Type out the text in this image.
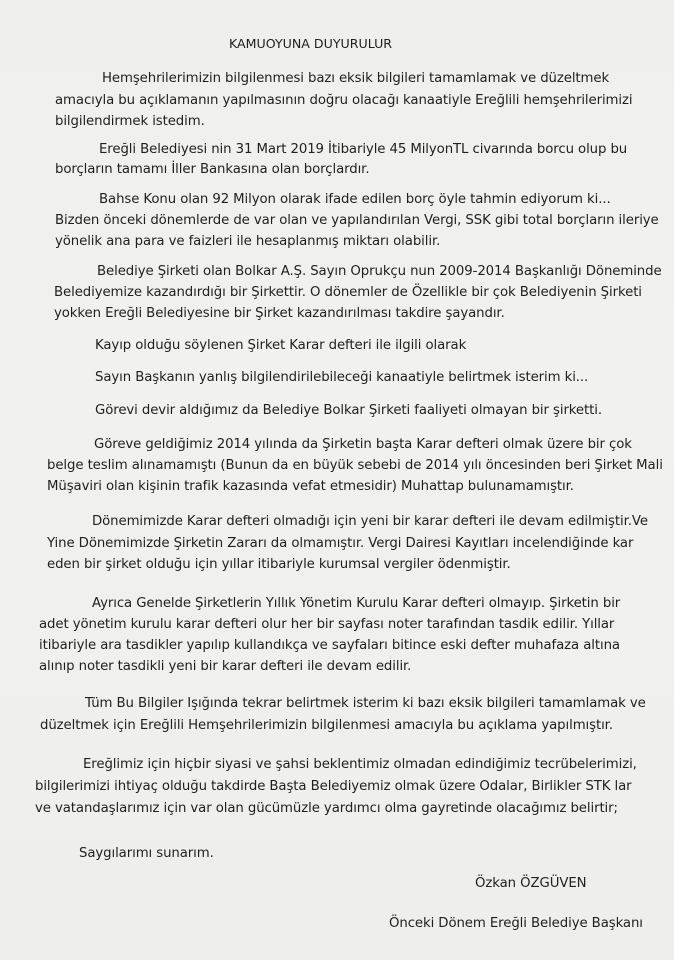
KAMUOYUNA DUYURULUR
Hemşehrilerimizin bilgilenmesi bazı eksik bilgileri tamamlamak ve düzeltmek
amacıyla bu açıklamanın yapılmasının doğru olacağı kanaatiyle Ereğlili hemşehrilerimizi
bilgilendirmek istedim.
Ereğli Belediyesi nin 31 Mart 2019 İtibariyle 45 MilyonTL civarında borcu olup bu
borçların tamamı İller Bankasına olan borçlardır.
Bahse Konu olan 92 Milyon olarak ifade edilen borç öyle tahmin ediyorum ki...
Bizden önceki dönemlerde de var olan ve yapılandırılan Vergi, SSK gibi total borçların ileriye
yönelik ana para ve faizleri ile hesaplanmış miktarı olabilir.
Belediye Şirketi olan Bolkar A.Ş. Sayın Oprukçu nun 2009-2014 Başkanlığı Döneminde
Belediyemize kazandırdığı bir Şirkettir. O dönemler de Özellikle bir çok Belediyenin Şirketi
yokken Ereğli Belediyesine bir Şirket kazandırılması takdire şayandır.
Kayıp olduğu söylenen Şirket Karar defteri ile ilgili olarak
Sayın Başkanın yanlış bilgilendirilebileceği kanaatiyle belirtmek isterim ki...
Görevi devir aldığımız da Belediye Bolkar Şirketi faaliyeti olmayan bir şirketti.
Göreve geldiğimiz 2014 yılında da Şirketin başta Karar defteri olmak üzere bir çok
belge teslim alınamamıştı (Bunun da en büyük sebebi de 2014 yılı öncesinden beri Şirket Mali
Müşaviri olan kişinin trafik kazasında vefat etmesidir) Muhattap bulunamamıştır.
Dönemimizde Karar defteri olmadığı için yeni bir karar defteri ile devam edilmiştir.Ve
Yine Dönemimizde Şirketin Zararı da olmamıştır. Vergi Dairesi Kayıtları incelendiğinde kar
eden bir şirket olduğu için yıllar itibariyle kurumsal vergiler ödenmiştir.
Ayrıca Genelde Şirketlerin Yıllık Yönetim Kurulu Karar defteri olmayıp. Şirketin bir
adet yönetim kurulu karar defteri olur her bir sayfası noter tarafından tasdik edilir. Yıllar
itibariyle ara tasdikler yapılıp kullandıkça ve sayfaları bitince eski defter muhafaza altına
alınıp noter tasdikli yeni bir karar defteri ile devam edilir.
Tüm Bu Bilgiler Işığında tekrar belirtmek isterim ki bazı eksik bilgileri tamamlamak ve
düzeltmek için Ereğlili Hemşehrilerimizin bilgilenmesi amacıyla bu açıklama yapılmıştır.
Ereğlimiz için hiçbir siyasi ve şahsi beklentimiz olmadan edindiğimiz tecrübelerimizi,
bilgilerimizi ihtiyaç olduğu takdirde Başta Belediyemiz olmak üzere Odalar, Birlikler STK lar
ve vatandaşlarımız için var olan gücümüzle yardımcı olma gayretinde olacağımız belirtir;
Saygılarımı sunarım.
Özkan ÖZGÜVEN
Önceki Dönem Ereğli Belediye Başkanı
